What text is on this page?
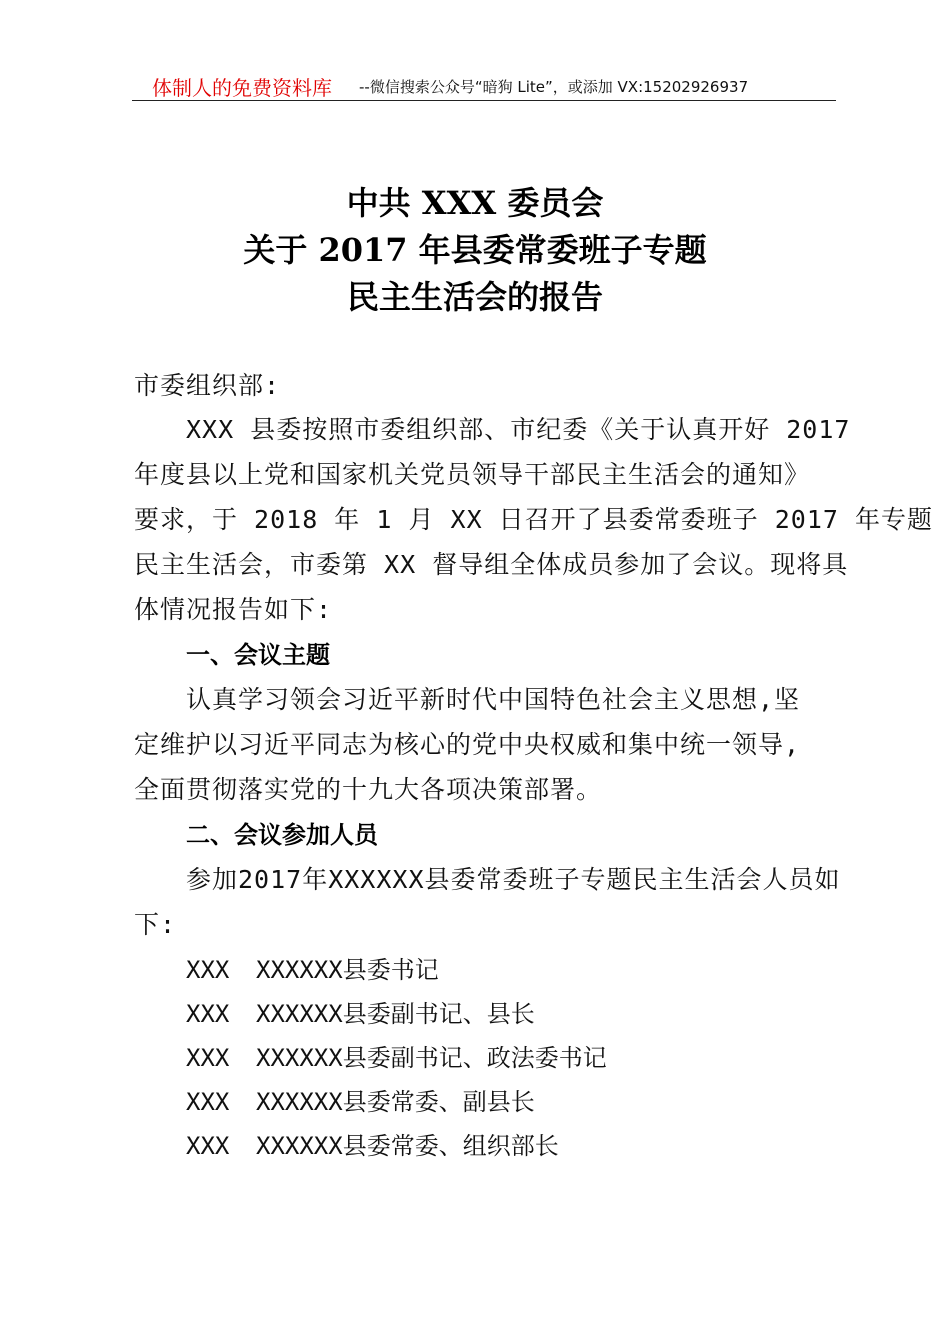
体制人的免费资料库 --微信搜索公众号“暗狗 Lite”，或添加 VX:15202926937
中共 XXX 委员会
关于 2017 年县委常委班子专题
民主生活会的报告
市委组织部:
XXX 县委按照市委组织部、市纪委《关于认真开好 2017
年度县以上党和国家机关党员领导干部民主生活会的通知》
要求，于 2018 年 1 月 XX 日召开了县委常委班子 2017 年专题
民主生活会，市委第 XX 督导组全体成员参加了会议。现将具
体情况报告如下:
一、会议主题
认真学习领会习近平新时代中国特色社会主义思想,坚
定维护以习近平同志为核心的党中央权威和集中统一领导,
全面贯彻落实党的十九大各项决策部署。
二、会议参加人员
参加2017年XXXXXX县委常委班子专题民主生活会人员如
下:
XXX XXXXXX县委书记
XXX XXXXXX县委副书记、县长
XXX XXXXXX县委副书记、政法委书记
XXX XXXXXX县委常委、副县长
XXX XXXXXX县委常委、组织部长
